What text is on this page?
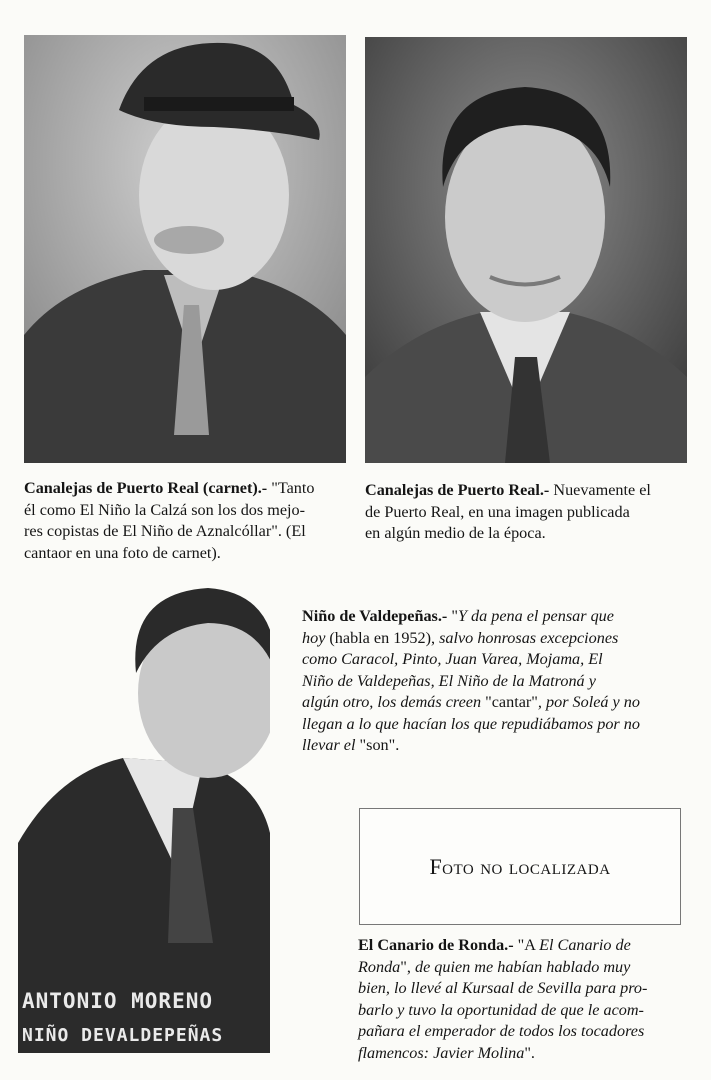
Canalejas de Puerto Real (carnet).- "Tanto
él como El Niño la Calzá son los dos mejo-
res copistas de El Niño de Aznalcóllar". (El
cantaor en una foto de carnet).
Canalejas de Puerto Real.- Nuevamente el
de Puerto Real, en una imagen publicada
en algún medio de la época.
ANTONIO MORENO
NIÑO DEVALDEPEÑAS
Niño de Valdepeñas.- "Y da pena el pensar que
hoy (habla en 1952), salvo honrosas excepciones
como Caracol, Pinto, Juan Varea, Mojama, El
Niño de Valdepeñas, El Niño de la Matroná y
algún otro, los demás creen "cantar", por Soleá y no
llegan a lo que hacían los que repudiábamos por no
llevar el "son".
Foto no localizada
El Canario de Ronda.- "A El Canario de
Ronda", de quien me habían hablado muy
bien, lo llevé al Kursaal de Sevilla para pro-
barlo y tuvo la oportunidad de que le acom-
pañara el emperador de todos los tocadores
flamencos: Javier Molina".
